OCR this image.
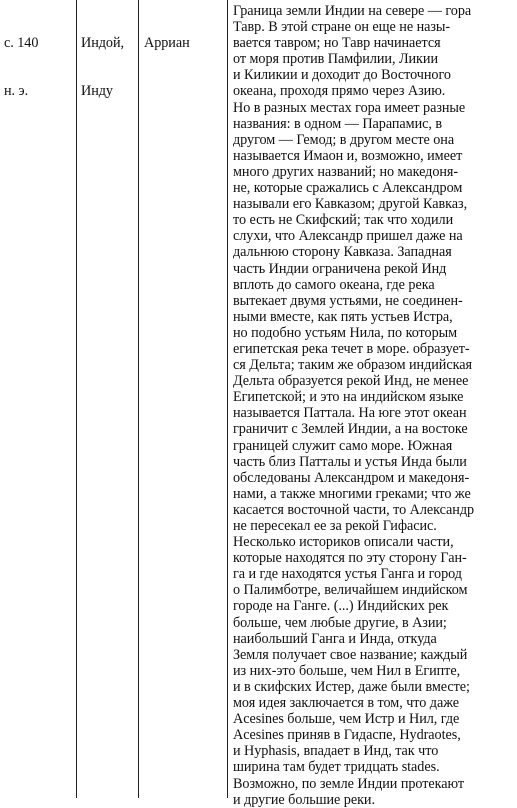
с. 140

н. э.

Индой,

Инду

Арриан

Граница земли Индии на севере — гора
Тавр. В этой стране он еще не назы-
вается тавром; но Тавр начинается
от моря против Памфилии, Ликии
и Киликии и доходит до Восточного
океана, проходя прямо через Азию.
Но в разных местах гора имеет разные
названия: в одном — Парапамис, в
другом — Гемод; в другом месте она
называется Имаон и, возможно, имеет
много других названий; но македоня-
не, которые сражались с Александром
называли его Кавказом; другой Кавказ,
то есть не Скифский; так что ходили
слухи, что Александр пришел даже на
дальнюю сторону Кавказа. Западная
часть Индии ограничена рекой Инд
вплоть до самого океана, где река
вытекает двумя устьями, не соединен-
ными вместе, как пять устьев Истра,
но подобно устьям Нила, по которым
египетская река течет в море. образует-
ся Дельта; таким же образом индийская
Дельта образуется рекой Инд, не менее
Египетской; и это на индийском языке
называется Паттала. На юге этот океан
граничит с Землей Индии, а на востоке
границей служит само море. Южная
часть близ Патталы и устья Инда были
обследованы Александром и македоня-
нами, а также многими греками; что же
касается восточной части, то Александр
не пересекал ее за рекой Гифасис.
Несколько историков описали части,
которые находятся по эту сторону Ган-
га и где находятся устья Ганга и город
о Палимботре, величайшем индийском
городе на Ганге. (...) Индийских рек
больше, чем любые другие, в Азии;
наибольший Ганга и Инда, откуда
Земля получает свое название; каждый
из них-это больше, чем Нил в Египте,
и в скифских Истер, даже были вместе;
моя идея заключается в том, что даже
Acesines больше, чем Истр и Нил, где
Acesines приняв в Гидаспе, Hydraotes,
и Hyphasis, впадает в Инд, так что
ширина там будет тридцать stades.
Возможно, по земле Индии протекают
и другие большие реки.
